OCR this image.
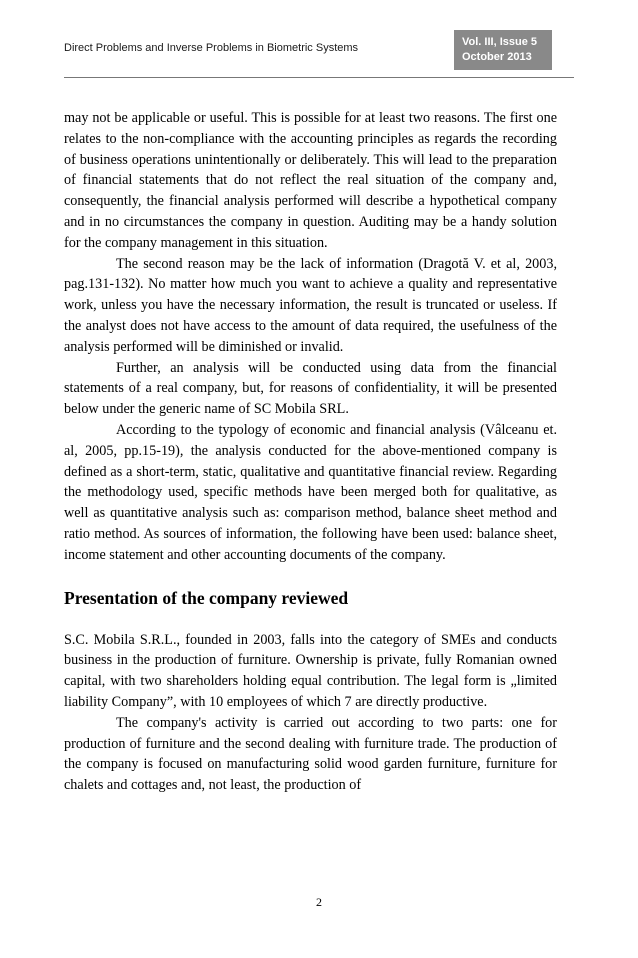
Direct Problems and Inverse Problems in Biometric Systems	Vol. III, Issue 5
October 2013

may not be applicable or useful. This is possible for at least two reasons. The first one relates to the non-compliance with the accounting principles as regards the recording of business operations unintentionally or deliberately. This will lead to the preparation of financial statements that do not reflect the real situation of the company and, consequently, the financial analysis performed will describe a hypothetical company and in no circumstances the company in question. Auditing may be a handy solution for the company management in this situation.

The second reason may be the lack of information (Dragotă V. et al, 2003, pag.131-132). No matter how much you want to achieve a quality and representative work, unless you have the necessary information, the result is truncated or useless. If the analyst does not have access to the amount of data required, the usefulness of the analysis performed will be diminished or invalid.

Further, an analysis will be conducted using data from the financial statements of a real company, but, for reasons of confidentiality, it will be presented below under the generic name of SC Mobila SRL.

According to the typology of economic and financial analysis (Vâlceanu et. al, 2005, pp.15-19), the analysis conducted for the above-mentioned company is defined as a short-term, static, qualitative and quantitative financial review. Regarding the methodology used, specific methods have been merged both for qualitative, as well as quantitative analysis such as: comparison method, balance sheet method and ratio method. As sources of information, the following have been used: balance sheet, income statement and other accounting documents of the company.

Presentation of the company reviewed

S.C. Mobila S.R.L., founded in 2003, falls into the category of SMEs and conducts business in the production of furniture. Ownership is private, fully Romanian owned capital, with two shareholders holding equal contribution. The legal form is „limited liability Company”, with 10 employees of which 7 are directly productive.

The company's activity is carried out according to two parts: one for production of furniture and the second dealing with furniture trade. The production of the company is focused on manufacturing solid wood garden furniture, furniture for chalets and cottages and, not least, the production of

2
